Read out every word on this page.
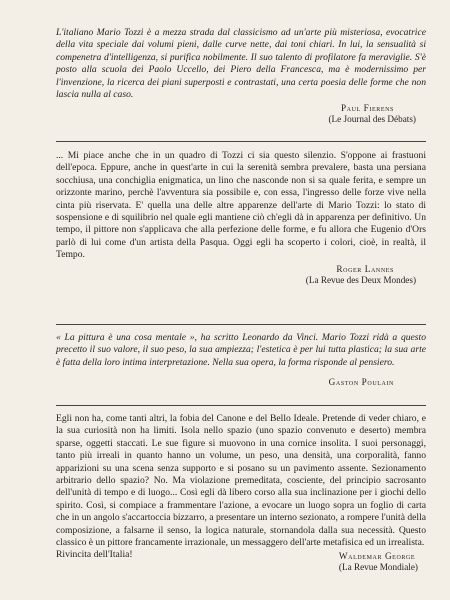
L'italiano Mario Tozzi è a mezza strada dal classicismo ad un'arte più misteriosa, evocatrice della vita speciale dai volumi pieni, dalle curve nette, dai toni chiari. In lui, la sensualità si compenetra d'intelligenza, si purifica nobilmente. Il suo talento di profilatore fa meraviglie. S'è posto alla scuola dei Paolo Uccello, dei Piero della Francesca, ma è modernissimo per l'invenzione, la ricerca dei piani superposti e contrastati, una certa poesia delle forme che non lascia nulla al caso.

Paul Fierens
(Le Journal des Débats)

... Mi piace anche che in un quadro di Tozzi ci sia questo silenzio. S'oppone ai frastuoni dell'epoca. Eppure, anche in quest'arte in cui la serenità sembra prevalere, basta una persiana socchiusa, una conchiglia enigmatica, un lino che nasconde non si sa quale ferita, e sempre un orizzonte marino, perchè l'avventura sia possibile e, con essa, l'ingresso delle forze vive nella cinta più riservata. E' quella una delle altre apparenze dell'arte di Mario Tozzi: lo stato di sospensione e di squilibrio nel quale egli mantiene ciò ch'egli dà in apparenza per definitivo. Un tempo, il pittore non s'applicava che alla perfezione delle forme, e fu allora che Eugenio d'Ors parlò di lui come d'un artista della Pasqua. Oggi egli ha scoperto i colori, cioè, in realtà, il Tempo.

Roger Lannes
(La Revue des Deux Mondes)

« La pittura è una cosa mentale », ha scritto Leonardo da Vinci. Mario Tozzi ridà a questo precetto il suo valore, il suo peso, la sua ampiezza; l'estetica è per lui tutta plastica; la sua arte è fatta della loro intima interpretazione. Nella sua opera, la forma risponde al pensiero.

Gaston Poulain

Egli non ha, come tanti altri, la fobia del Canone e del Bello Ideale. Pretende di veder chiaro, e la sua curiosità non ha limiti. Isola nello spazio (uno spazio convenuto e deserto) membra sparse, oggetti staccati. Le sue figure si muovono in una cornice insolita. I suoi personaggi, tanto più irreali in quanto hanno un volume, un peso, una densità, una corporalità, fanno apparizioni su una scena senza supporto e si posano su un pavimento assente. Sezionamento arbitrario dello spazio? No. Ma violazione premeditata, cosciente, del principio sacrosanto dell'unità di tempo e di luogo... Così egli dà libero corso alla sua inclinazione per i giochi dello spirito. Così, si compiace a frammentare l'azione, a evocare un luogo sopra un foglio di carta che in un angolo s'accartoccia bizzarro, a presentare un interno sezionato, a rompere l'unità della composizione, a falsarne il senso, la logica naturale, stornandola dalla sua necessità. Questo classico è un pittore francamente irrazionale, un messaggero dell'arte metafisica ed un irrealista.

Rivincita dell'Italia!	Waldemar George
(La Revue Mondiale)
